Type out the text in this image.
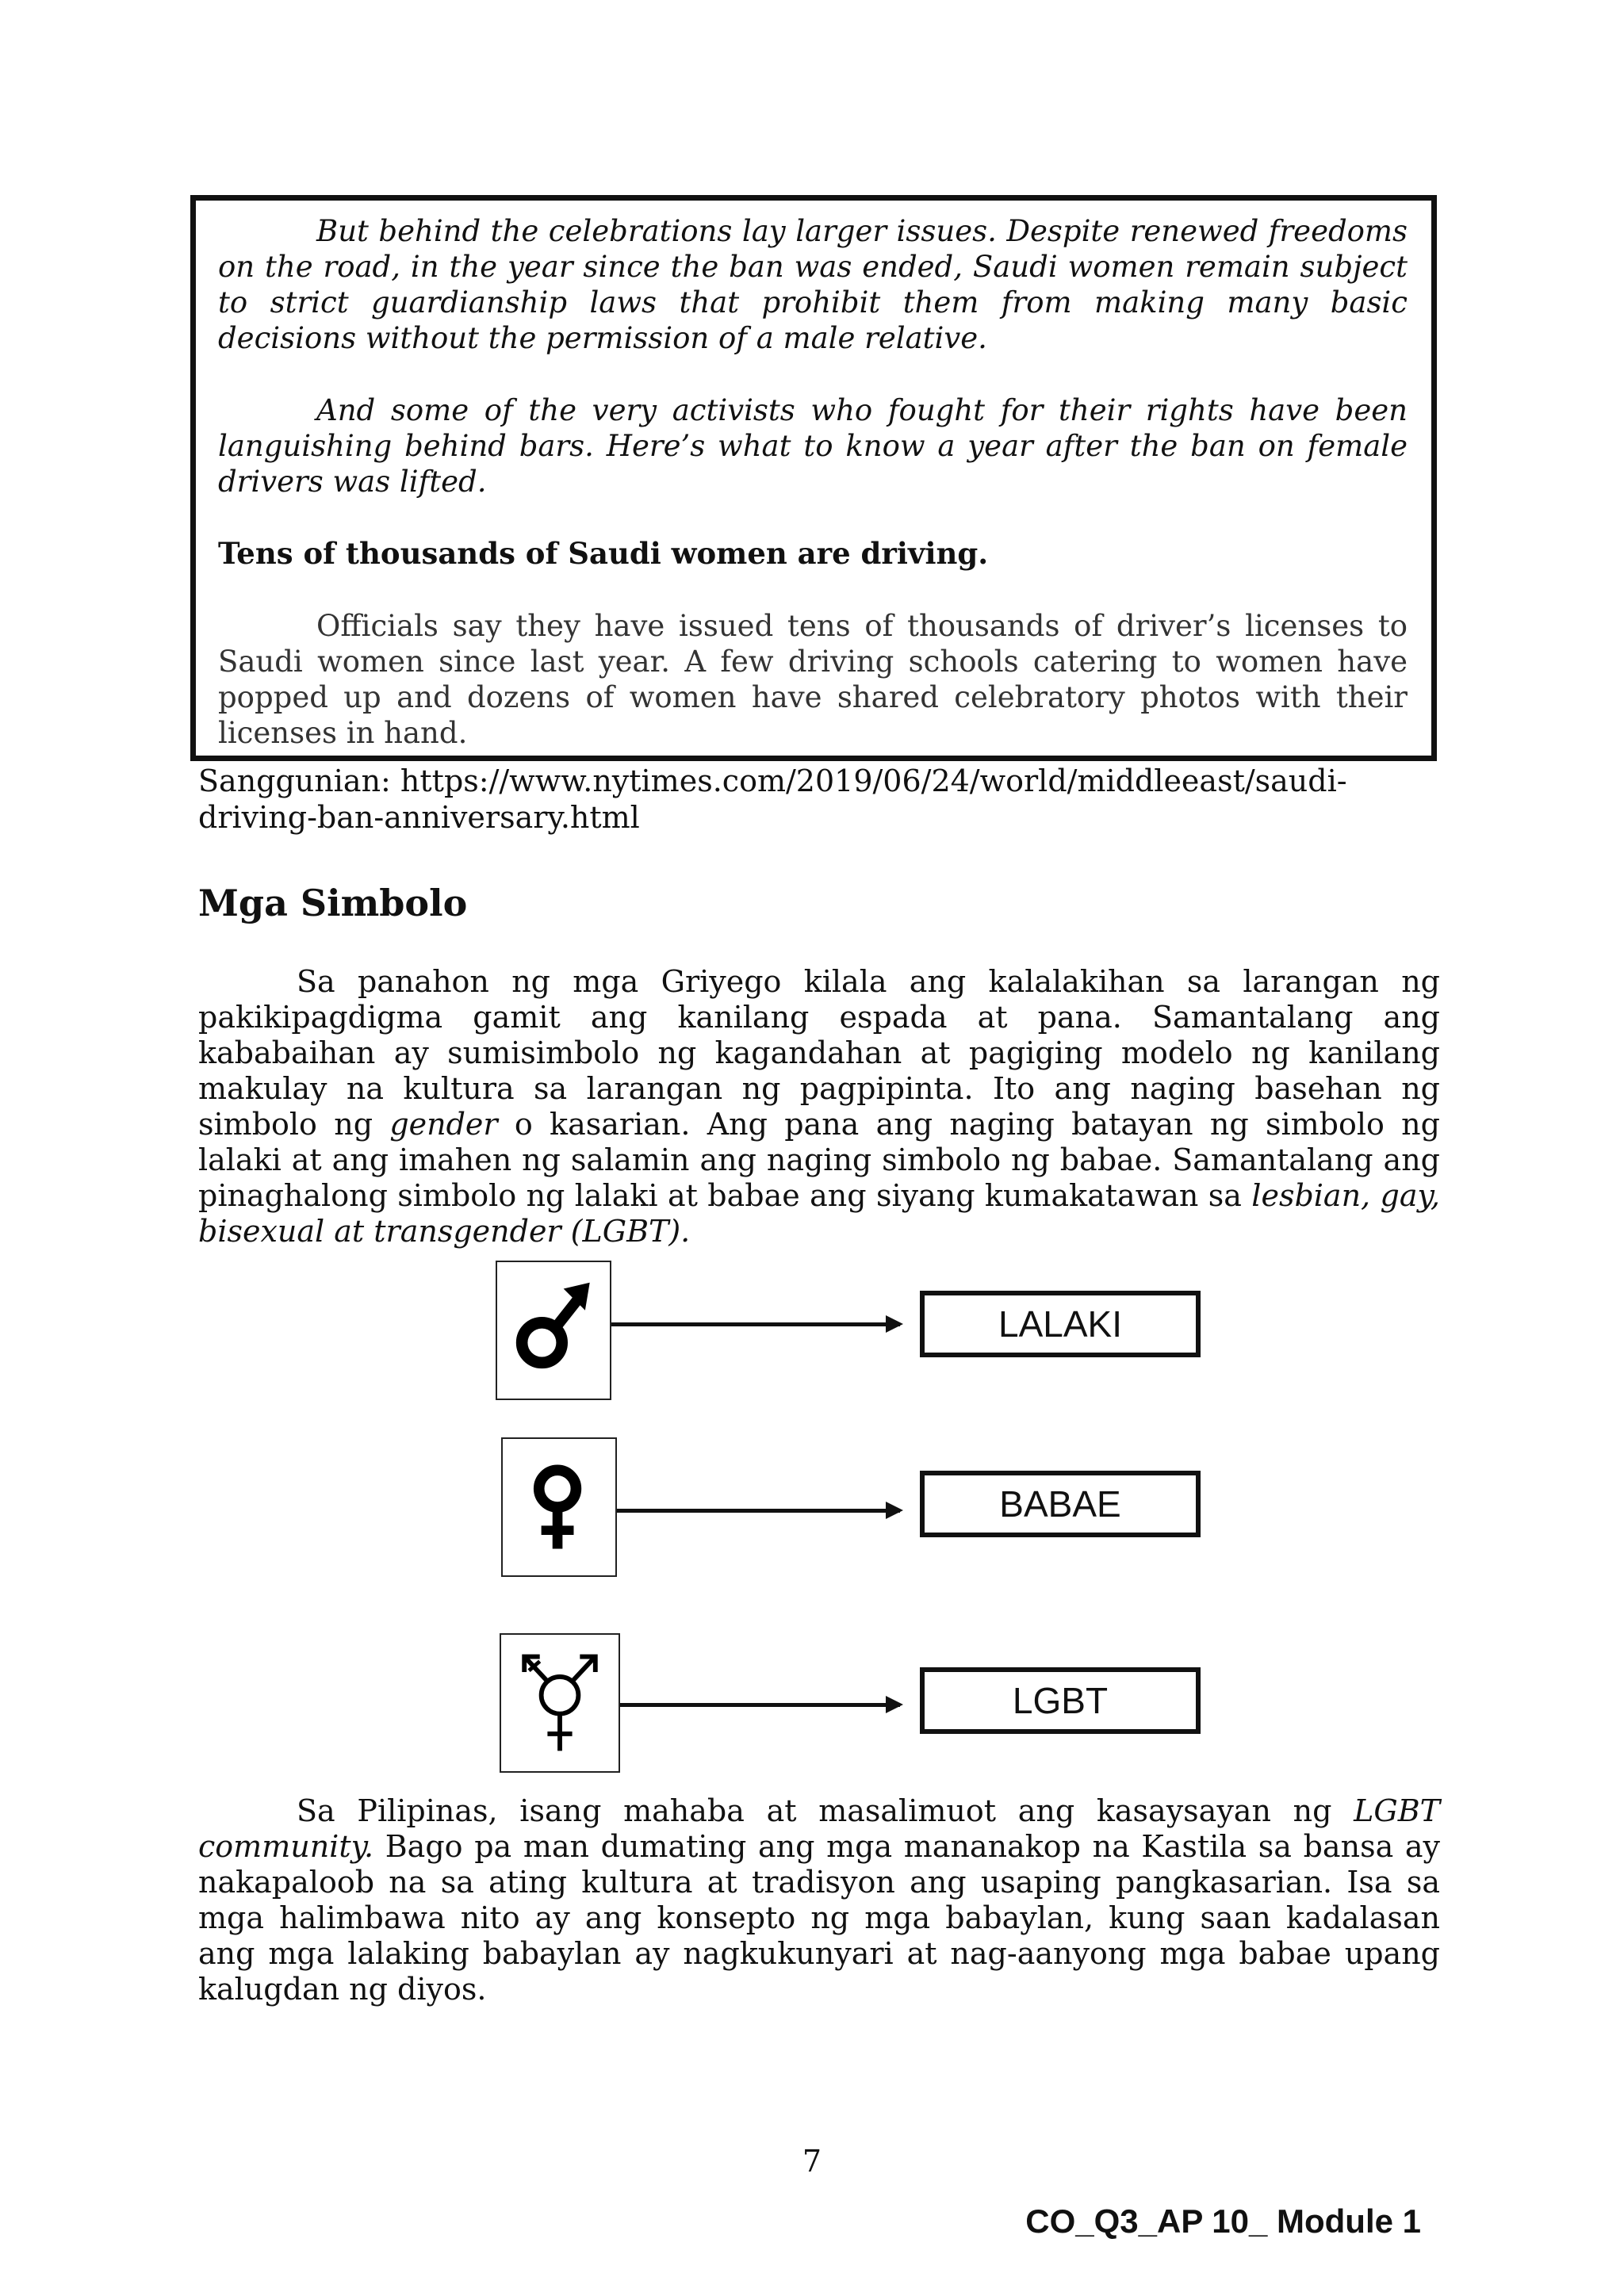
But behind the celebrations lay larger issues. Despite renewed freedoms on the road, in the year since the ban was ended, Saudi women remain subject to strict guardianship laws that prohibit them from making many basic decisions without the permission of a male relative.

And some of the very activists who fought for their rights have been languishing behind bars. Here’s what to know a year after the ban on female drivers was lifted.

Tens of thousands of Saudi women are driving.

Officials say they have issued tens of thousands of driver’s licenses to Saudi women since last year. A few driving schools catering to women have popped up and dozens of women have shared celebratory photos with their licenses in hand.

Sanggunian: https://www.nytimes.com/2019/06/24/world/middleeast/saudi-driving-ban-anniversary.html

Mga Simbolo

Sa panahon ng mga Griyego kilala ang kalalakihan sa larangan ng pakikipagdigma gamit ang kanilang espada at pana. Samantalang ang kababaihan ay sumisimbolo ng kagandahan at pagiging modelo ng kanilang makulay na kultura sa larangan ng pagpipinta. Ito ang naging basehan ng simbolo ng gender o kasarian. Ang pana ang naging batayan ng simbolo ng lalaki at ang imahen ng salamin ang naging simbolo ng babae. Samantalang ang pinaghalong simbolo ng lalaki at babae ang siyang kumakatawan sa lesbian, gay, bisexual at transgender (LGBT).

LALAKI
BABAE
LGBT

Sa Pilipinas, isang mahaba at masalimuot ang kasaysayan ng LGBT community. Bago pa man dumating ang mga mananakop na Kastila sa bansa ay nakapaloob na sa ating kultura at tradisyon ang usaping pangkasarian. Isa sa mga halimbawa nito ay ang konsepto ng mga babaylan, kung saan kadalasan ang mga lalaking babaylan ay nagkukunyari at nag-aanyong mga babae upang kalugdan ng diyos.

7

CO_Q3_AP 10_ Module 1
